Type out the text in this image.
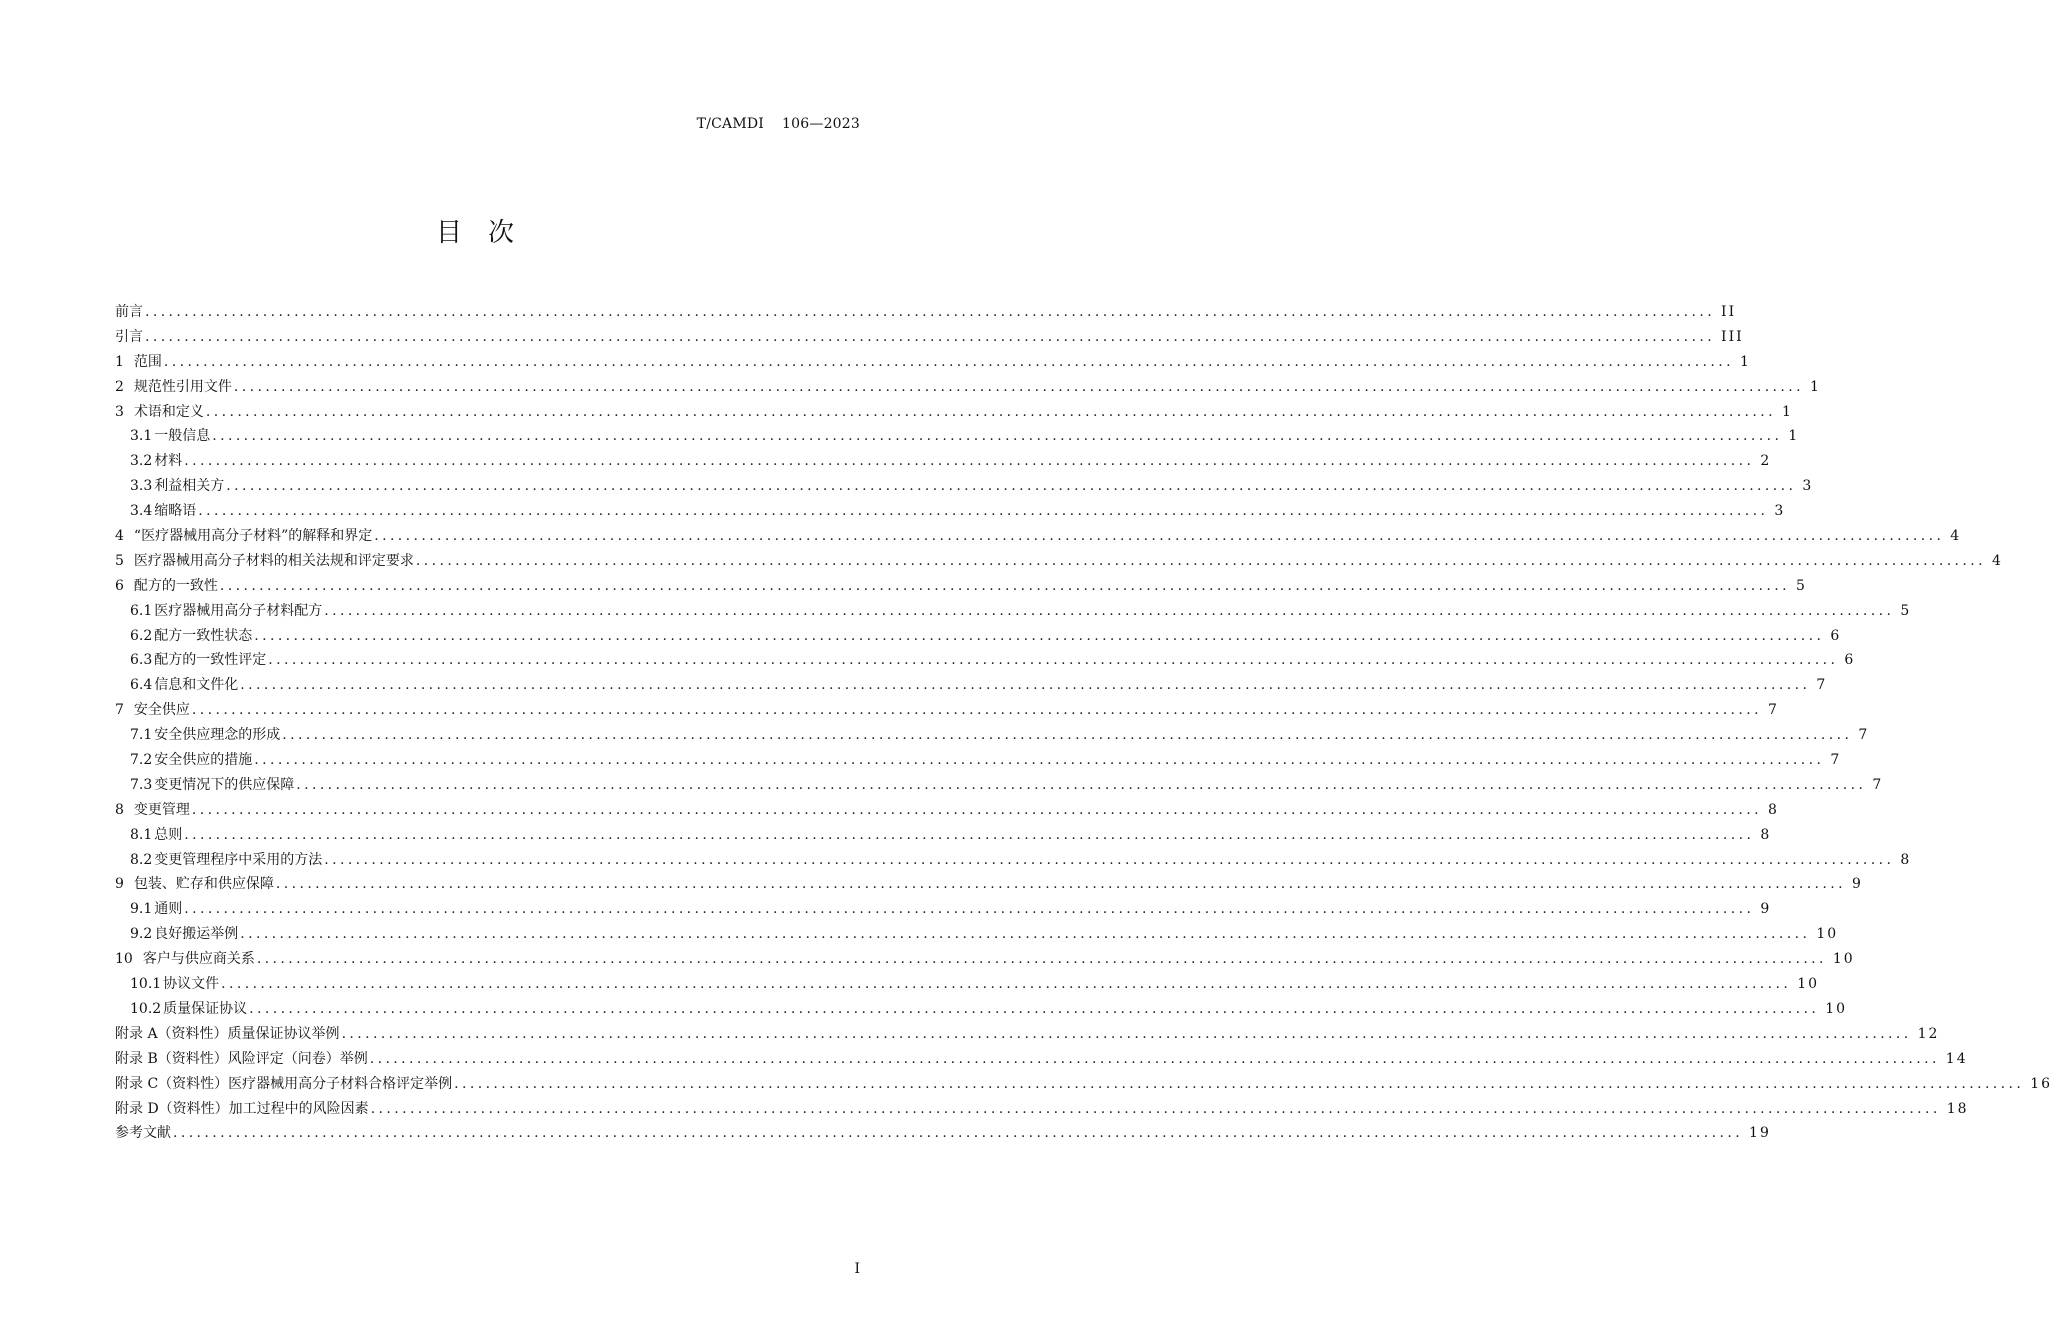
T/CAMDI 106—2023
目次
前言 ........................................................................................................................................................................................................ II
引言 ........................................................................................................................................................................................................ III
1 范围 ........................................................................................................................................................................................................ 1
2 规范性引用文件 ........................................................................................................................................................................................................ 1
3 术语和定义 ........................................................................................................................................................................................................ 1
3.1 一般信息 ........................................................................................................................................................................................................ 1
3.2 材料 ........................................................................................................................................................................................................ 2
3.3 利益相关方 ........................................................................................................................................................................................................ 3
3.4 缩略语 ........................................................................................................................................................................................................ 3
4 “医疗器械用高分子材料”的解释和界定 ........................................................................................................................................................................................................ 4
5 医疗器械用高分子材料的相关法规和评定要求 ........................................................................................................................................................................................................ 4
6 配方的一致性 ........................................................................................................................................................................................................ 5
6.1 医疗器械用高分子材料配方 ........................................................................................................................................................................................................ 5
6.2 配方一致性状态 ........................................................................................................................................................................................................ 6
6.3 配方的一致性评定 ........................................................................................................................................................................................................ 6
6.4 信息和文件化 ........................................................................................................................................................................................................ 7
7 安全供应 ........................................................................................................................................................................................................ 7
7.1 安全供应理念的形成 ........................................................................................................................................................................................................ 7
7.2 安全供应的措施 ........................................................................................................................................................................................................ 7
7.3 变更情况下的供应保障 ........................................................................................................................................................................................................ 7
8 变更管理 ........................................................................................................................................................................................................ 8
8.1 总则 ........................................................................................................................................................................................................ 8
8.2 变更管理程序中采用的方法 ........................................................................................................................................................................................................ 8
9 包装、贮存和供应保障 ........................................................................................................................................................................................................ 9
9.1 通则 ........................................................................................................................................................................................................ 9
9.2 良好搬运举例 ........................................................................................................................................................................................................ 10
10 客户与供应商关系 ........................................................................................................................................................................................................ 10
10.1 协议文件 ........................................................................................................................................................................................................ 10
10.2 质量保证协议 ........................................................................................................................................................................................................ 10
附录 A（资料性）质量保证协议举例 ........................................................................................................................................................................................................ 12
附录 B（资料性）风险评定（问卷）举例 ........................................................................................................................................................................................................ 14
附录 C（资料性）医疗器械用高分子材料合格评定举例 ........................................................................................................................................................................................................ 16
附录 D（资料性）加工过程中的风险因素 ........................................................................................................................................................................................................ 18
参考文献 ........................................................................................................................................................................................................ 19
I
